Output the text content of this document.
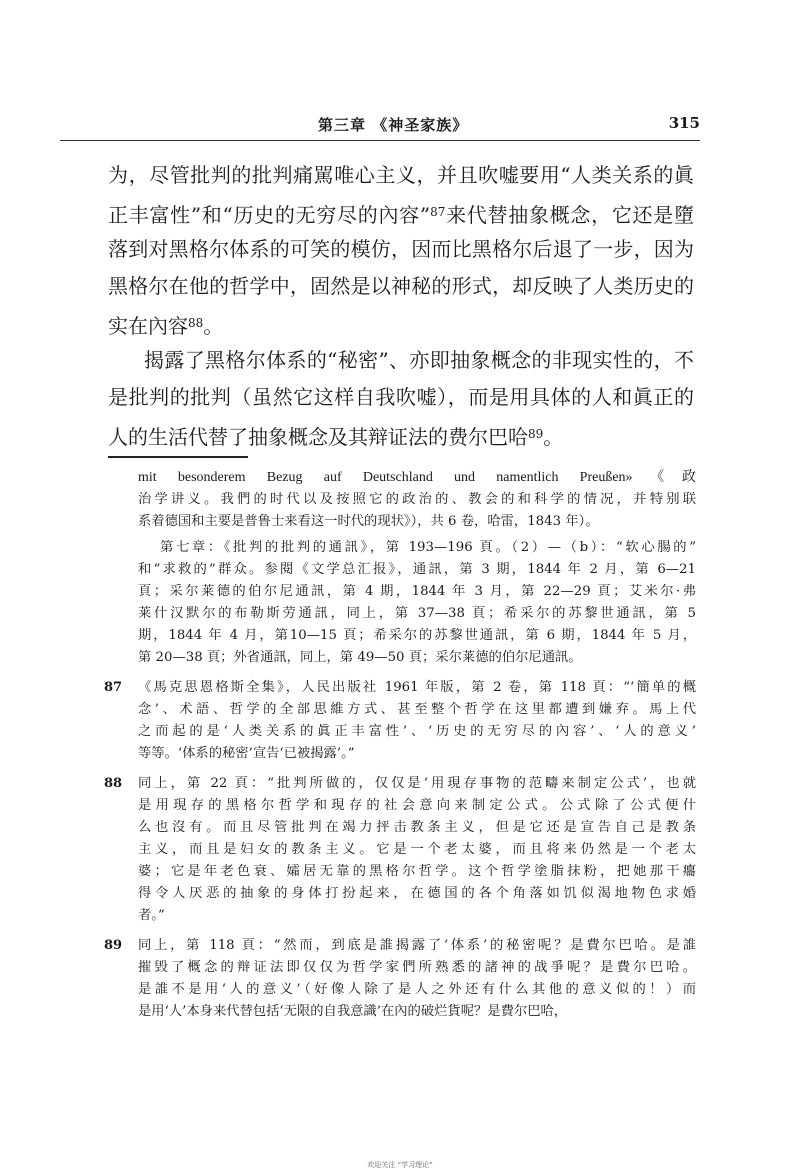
第三章 《神圣家族》	315
为，尽管批判的批判痛駡唯心主义，并且吹嘘要用“人类关系的眞
正丰富性”和“历史的无穷尽的內容”$^{87}$来代替抽象概念，它还是墮
落到对黑格尔体系的可笑的模仿，因而比黑格尔后退了一步，因为
黑格尔在他的哲学中，固然是以神秘的形式，却反映了人类历史的
实在內容$^{88}$。
揭露了黑格尔体系的“秘密”、亦即抽象概念的非现实性的，不
是批判的批判（虽然它这样自我吹嘘），而是用具体的人和眞正的
人的生活代替了抽象概念及其辩证法的费尔巴哈$^{89}$。
mit besonderem Bezug auf Deutschland und namentlich Preußen»《政
治学讲义。我們的时代以及按照它的政治的、教会的和科学的情况，并特别联
系着德国和主要是普鲁士来看这一时代的现状》），共 6 卷，哈雷，1843 年）。
第七章：《批判的批判的通訊》，第 193—196 頁。（2）—（b）：“软心腸的”
和“求救的”群众。参閱《文学总汇报》，通訊，第 3 期，1844 年 2 月，第 6—21
頁；采尔莱德的伯尔尼通訊，第 4 期，1844 年 3 月，第 22—29 頁；艾米尔·弗
莱什汉默尔的布勒斯劳通訊，同上，第 37—38 頁；希采尔的苏黎世通訊，第 5
期，1844 年 4 月，第10—15 頁；希采尔的苏黎世通訊，第 6 期，1844 年 5 月，
第 20—38 頁；外省通訊，同上，第 49—50 頁；采尔莱德的伯尔尼通訊。
87	《馬克思恩格斯全集》，人民出版社 1961 年版，第 2 卷，第 118 頁：“‘簡单的概
念’、术語、哲学的全部思維方式、甚至整个哲学在这里都遭到嫌弃。馬上代
之而起的是‘人类关系的眞正丰富性’、‘历史的无穷尽的內容’、‘人的意义’
等等。‘体系的秘密’宣告‘已被揭露’。”
88	同上，第 22 頁：“批判所做的，仅仅是‘用現存事物的范疇来制定公式’，也就
是用現存的黑格尔哲学和現存的社会意向来制定公式。公式除了公式便什
么也沒有。而且尽管批判在竭力抨击教条主义，但是它还是宣告自己是教条
主义，而且是妇女的教条主义。它是一个老太婆，而且将来仍然是一个老太
婆；它是年老色衰、孀居无靠的黑格尔哲学。这个哲学塗脂抹粉，把她那干癟
得令人厌恶的抽象的身体打扮起来，在德国的各个角落如饥似渴地物色求婚
者。”
89	同上，第 118 頁：“然而，到底是誰揭露了‘体系’的秘密呢？是費尔巴哈。是誰
摧毁了概念的辩证法即仅仅为哲学家們所熟悉的諸神的战爭呢？是費尔巴哈。
是誰不是用‘人的意义’（好像人除了是人之外还有什么其他的意义似的！）而
是用‘人’本身来代替包括‘无限的自我意識’在內的破烂貨呢？是費尔巴哈，
欢迎关注 “学习理论”
